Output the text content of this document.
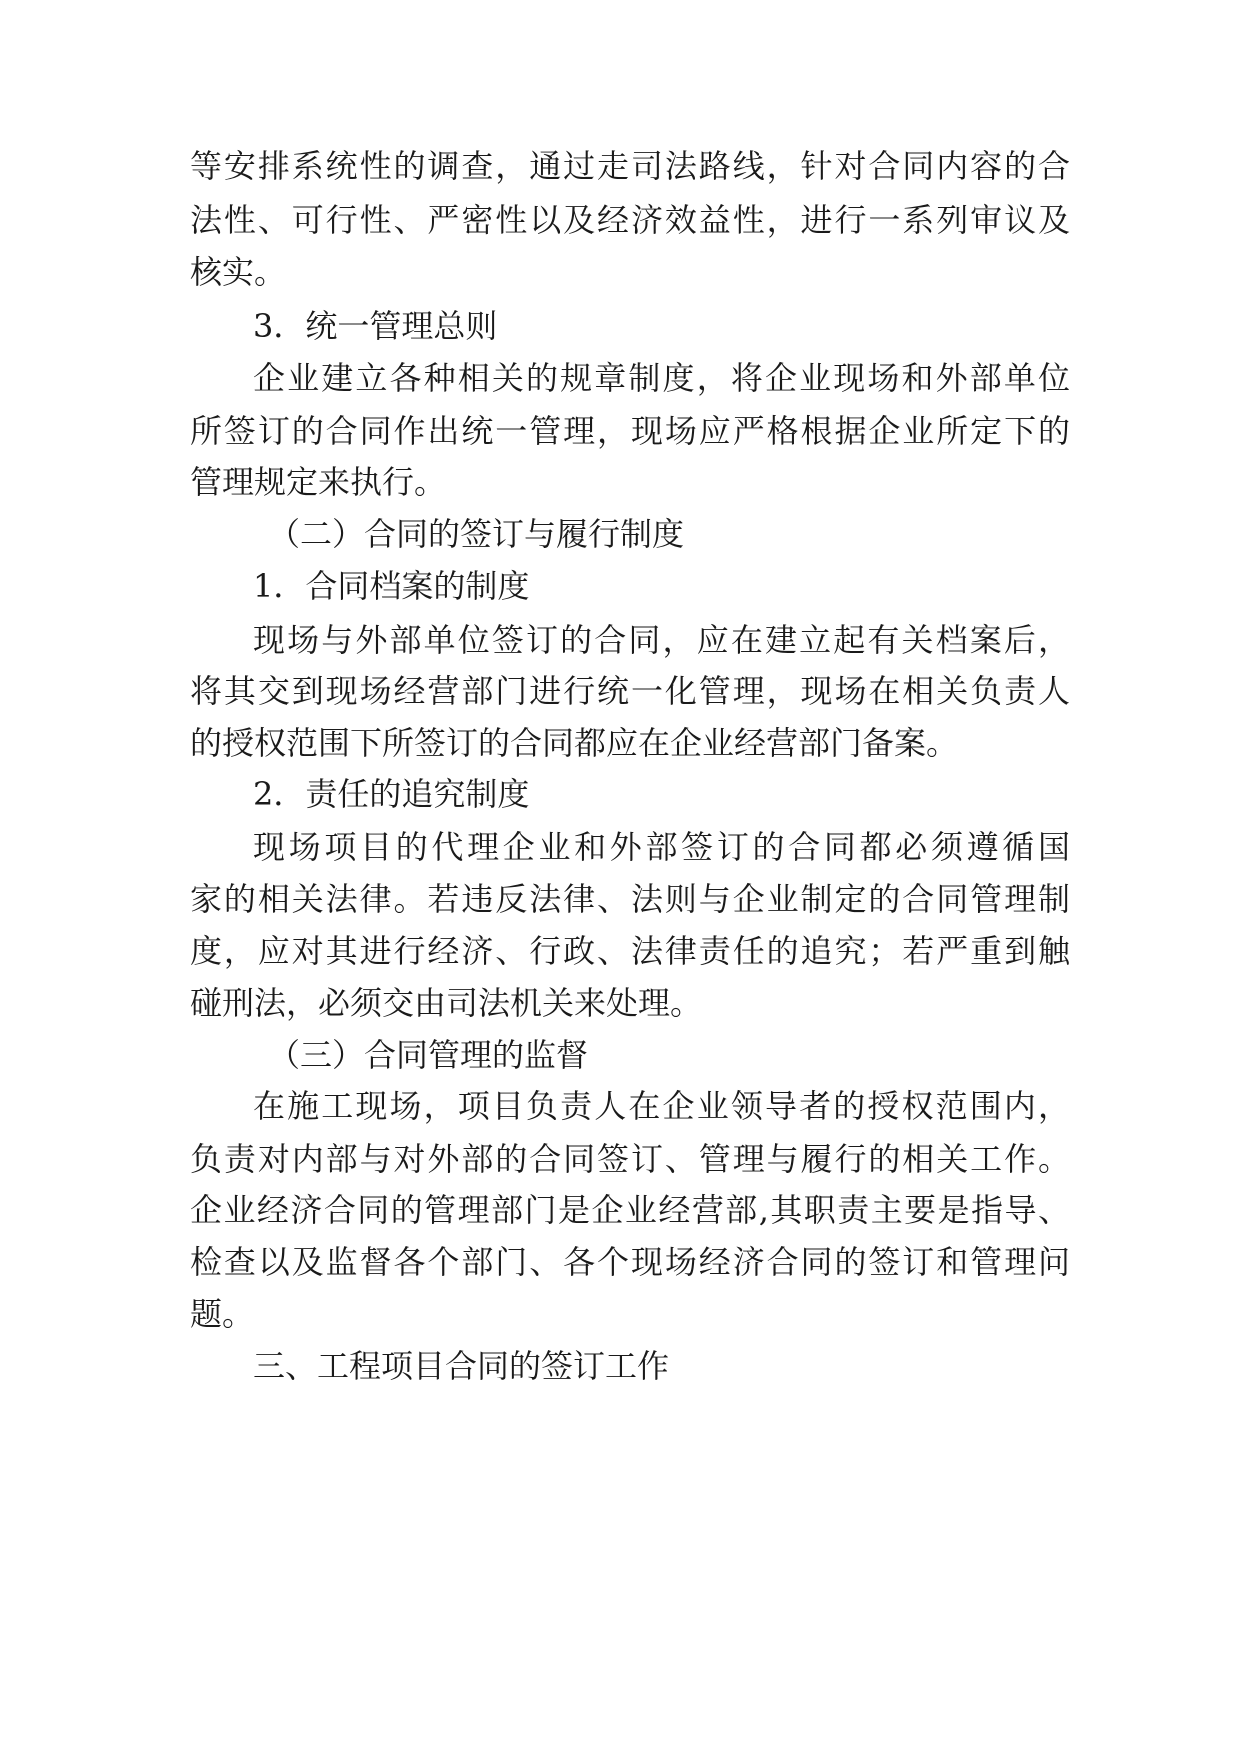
等安排系统性的调查，通过走司法路线，针对合同内容的合
法性、可行性、严密性以及经济效益性，进行一系列审议及
核实。
3．统一管理总则
企业建立各种相关的规章制度，将企业现场和外部单位
所签订的合同作出统一管理，现场应严格根据企业所定下的
管理规定来执行。
（二）合同的签订与履行制度
1．合同档案的制度
现场与外部单位签订的合同，应在建立起有关档案后，
将其交到现场经营部门进行统一化管理，现场在相关负责人
的授权范围下所签订的合同都应在企业经营部门备案。
2．责任的追究制度
现场项目的代理企业和外部签订的合同都必须遵循国
家的相关法律。若违反法律、法则与企业制定的合同管理制
度，应对其进行经济、行政、法律责任的追究；若严重到触
碰刑法，必须交由司法机关来处理。
（三）合同管理的监督
在施工现场，项目负责人在企业领导者的授权范围内，
负责对内部与对外部的合同签订、管理与履行的相关工作。
企业经济合同的管理部门是企业经营部,其职责主要是指导、
检查以及监督各个部门、各个现场经济合同的签订和管理问
题。
三、工程项目合同的签订工作
